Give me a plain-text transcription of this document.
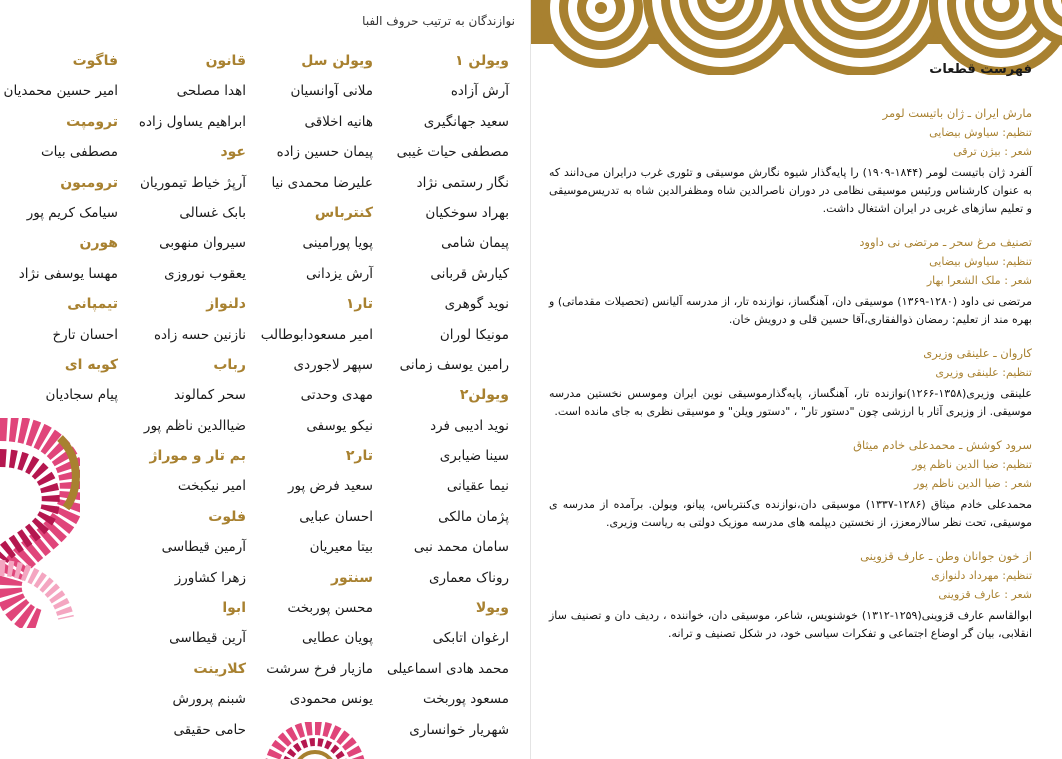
نوازندگان به ترتیب حروف الفبا
ویولن ۱
آرش آزاده
سعید جهانگیری
مصطفی حیات غیبی
نگار رستمی نژاد
بهراد سوخکیان
پیمان شامی
کیارش قربانی
نوید گوهری
مونیکا لوران
رامین یوسف زمانی
ویولن۲
نوید ادیبی فرد
سینا ضیابری
نیما عقیانی
پژمان مالکی
سامان محمد نبی
روناک معماری
ویولا
ارغوان اتابکی
محمد هادی اسماعیلی
مسعود پوربخت
شهریار خوانساری
ویولن سل
ملانی آوانسیان
هانیه اخلاقی
پیمان حسین زاده
علیرضا محمدی نیا
کنترباس
پویا پورامینی
آرش یزدانی
تار۱
امیر مسعودابوطالب
سپهر لاجوردی
مهدی وحدتی
نیکو یوسفی
تار۲
سعید فرض پور
احسان عبایی
بیتا معیریان
سنتور
محسن پوربخت
پویان عطایی
مازیار فرخ سرشت
یونس محمودی
قانون
اهدا مصلحی
ابراهیم یساول زاده
عود
آرپژ خیاط تیموریان
بابک غسالی
سیروان منهوبی
یعقوب نوروزی
دلنواز
نازنین حسه زاده
رباب
سحر کمالوند
ضیاالدین ناظم پور
بم تار و موراژ
امیر نیکبخت
فلوت
آرمین قیطاسی
زهرا کشاورز
ابوا
آرین قیطاسی
کلارینت
شبنم پرورش
حامی حقیقی
فاگوت
امیر حسین محمدیان
ترومپت
مصطفی بیات
ترومبون
سیامک کریم پور
هورن
مهسا یوسفی نژاد
تیمپانی
احسان تارخ
کوبه ای
پیام سجادیان
فهرست قطعات
مارش ایران ـ ژان باتیست لومر
تنظیم: سیاوش بیضایی
شعر : بیژن ترقی
آلفرد ژان باتیست لومر (۱۸۴۴-۱۹۰۹) را پایه‌گذار شیوه نگارش موسیقی و تئوری غرب درایران می‌دانند که به عنوان کارشناس ورئیس موسیقی نظامی در دوران ناصرالدین شاه ومظفرالدین شاه به تدریس‌موسیقی و تعلیم سازهای غربی در ایران اشتغال داشت.
تصنیف مرغ سحر ـ مرتضی نی داوود
تنظیم: سیاوش بیضایی
شعر : ملک الشعرا بهار
مرتضی نی داود (۱۲۸۰-۱۳۶۹) موسیقی دان، آهنگساز، نوازنده تار، از مدرسه آلیانس (تحصیلات مقدماتی) و بهره مند از تعلیم: رمضان ذوالفقاری،آقا حسین قلی و درویش خان.
کاروان ـ علینقی وزیری
تنظیم: علینقی وزیری
علینقی وزیری(۱۳۵۸-۱۲۶۶)نوازنده تار، آهنگساز، پایه‌گذارموسیقی نوین ایران وموسس نخستین مدرسه موسیقی. از وزیری آثار با ارزشی چون "دستور تار" ، "دستور ویلن" و موسیقی نظری به جای مانده است.
سرود کوشش ـ محمدعلی خادم میثاق
تنظیم: ضیا الدین ناظم پور
شعر : ضیا الدین ناظم پور
محمدعلی خادم میثاق (۱۲۸۶-۱۳۳۷) موسیقی دان،نوازنده ی‌کنترباس، پیانو، ویولن. برآمده از مدرسه ی موسیقی، تحت نظر سالارمعزز، از نخستین دیپلمه های مدرسه موزیک دولتی به ریاست وزیری.
از خون جوانان وطن ـ عارف قزوینی
تنظیم: مهرداد دلنوازی
شعر : عارف قزوینی
ابوالقاسم عارف قزوینی(۱۲۵۹-۱۳۱۲) خوشنویس، شاعر، موسیقی دان، خواننده ، ردیف دان و تصنیف ساز انقلابی، بیان گر اوضاع اجتماعی و تفکرات سیاسی خود، در شکل تصنیف و ترانه.
